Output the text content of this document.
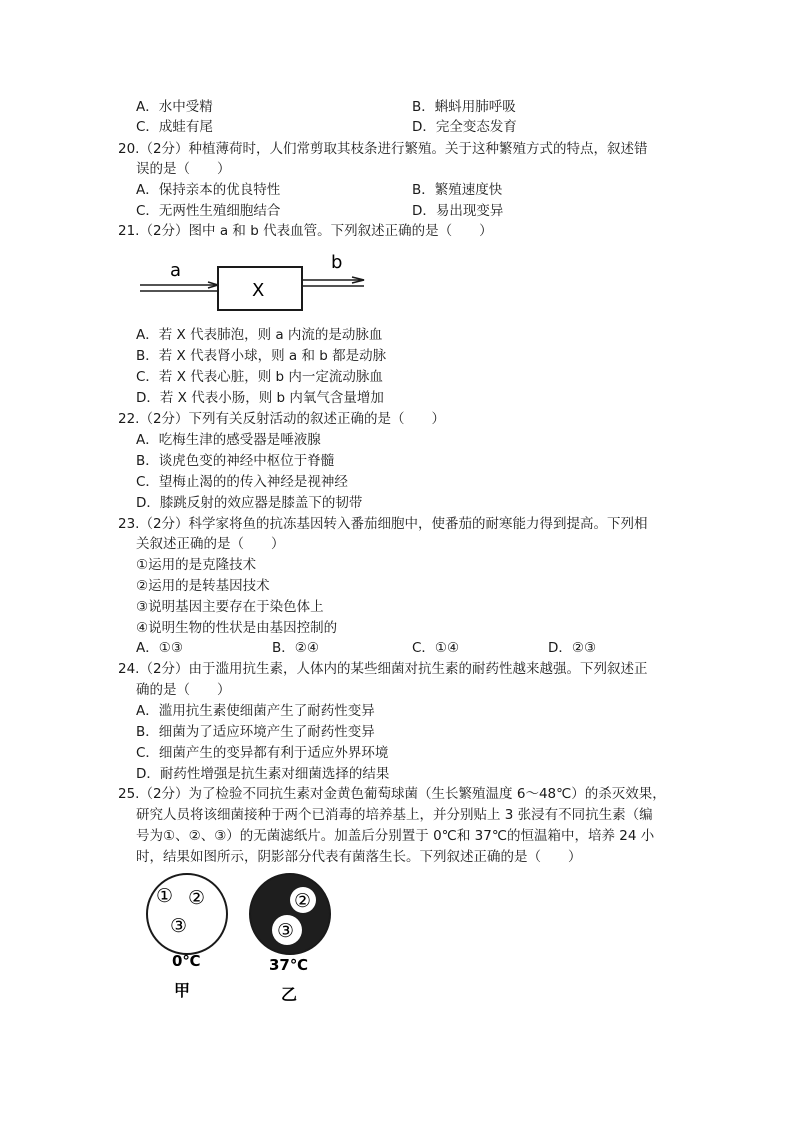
A．水中受精	B．蝌蚪用肺呼吸
C．成蛙有尾	D．完全变态发育
20.（2分）种植薄荷时，人们常剪取其枝条进行繁殖。关于这种繁殖方式的特点，叙述错
误的是（　　）
A．保持亲本的优良特性	B．繁殖速度快
C．无两性生殖细胞结合	D．易出现变异
21.（2分）图中 a 和 b 代表血管。下列叙述正确的是（　　）
a	b
X
A．若 X 代表肺泡，则 a 内流的是动脉血
B．若 X 代表肾小球，则 a 和 b 都是动脉
C．若 X 代表心脏，则 b 内一定流动脉血
D．若 X 代表小肠，则 b 内氧气含量增加
22.（2分）下列有关反射活动的叙述正确的是（　　）
A．吃梅生津的感受器是唾液腺
B．谈虎色变的神经中枢位于脊髓
C．望梅止渴的的传入神经是视神经
D．膝跳反射的效应器是膝盖下的韧带
23.（2分）科学家将鱼的抗冻基因转入番茄细胞中，使番茄的耐寒能力得到提高。下列相
关叙述正确的是（　　）
①运用的是克隆技术
②运用的是转基因技术
③说明基因主要存在于染色体上
④说明生物的性状是由基因控制的
A．①③	B．②④	C．①④	D．②③
24.（2分）由于滥用抗生素，人体内的某些细菌对抗生素的耐药性越来越强。下列叙述正
确的是（　　）
A．滥用抗生素使细菌产生了耐药性变异
B．细菌为了适应环境产生了耐药性变异
C．细菌产生的变异都有利于适应外界环境
D．耐药性增强是抗生素对细菌选择的结果
25.（2分）为了检验不同抗生素对金黄色葡萄球菌（生长繁殖温度 6～48℃）的杀灭效果，
研究人员将该细菌接种于两个已消毒的培养基上，并分别贴上 3 张浸有不同抗生素（编
号为①、②、③）的无菌滤纸片。加盖后分别置于 0℃和 37℃的恒温箱中，培养 24 小
时，结果如图所示，阴影部分代表有菌落生长。下列叙述正确的是（　　）
① ②
③
0℃
甲
②
③
37℃
乙
